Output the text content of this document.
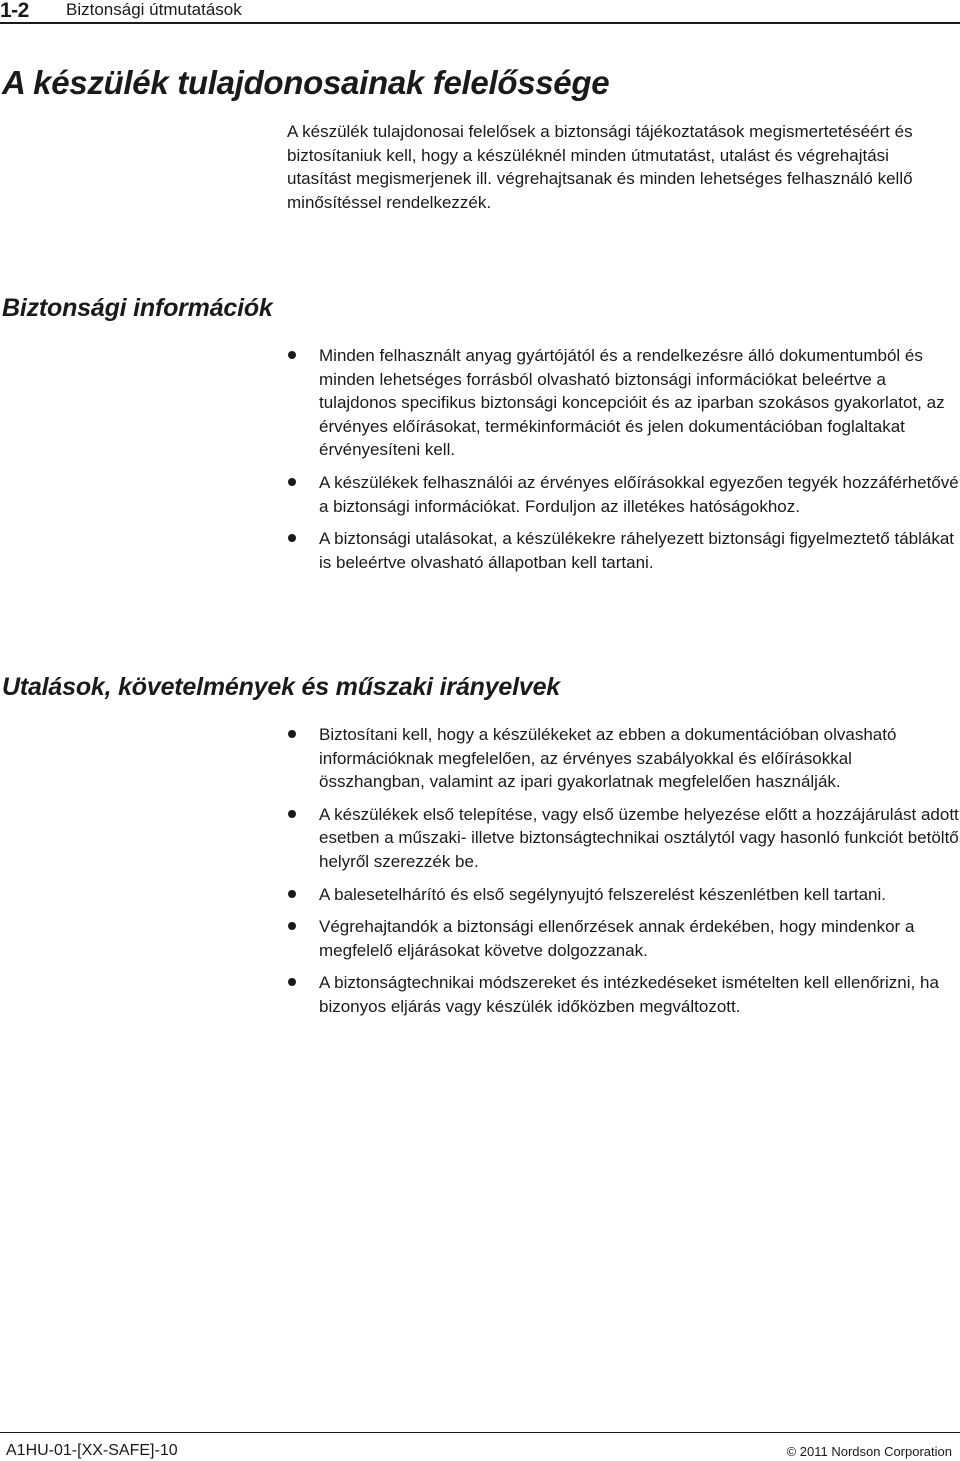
1-2 Biztonsági útmutatások
A készülék tulajdonosainak felelőssége

A készülék tulajdonosai felelősek a biztonsági tájékoztatások megismertetéséért és biztosítaniuk kell, hogy a készüléknél minden útmutatást, utalást és végrehajtási utasítást megismerjenek ill. végrehajtsanak és minden lehetséges felhasználó kellő minősítéssel rendelkezzék.

Biztonsági információk
Minden felhasznált anyag gyártójától és a rendelkezésre álló dokumentumból és minden lehetséges forrásból olvasható biztonsági információkat beleértve a tulajdonos specifikus biztonsági koncepcióit és az iparban szokásos gyakorlatot, az érvényes előírásokat, termékinformációt és jelen dokumentációban foglaltakat érvényesíteni kell.
A készülékek felhasználói az érvényes előírásokkal egyezően tegyék hozzáférhetővé a biztonsági információkat. Forduljon az illetékes hatóságokhoz.
A biztonsági utalásokat, a készülékekre ráhelyezett biztonsági figyelmeztető táblákat is beleértve olvasható állapotban kell tartani.
Utalások, követelmények és műszaki irányelvek
Biztosítani kell, hogy a készülékeket az ebben a dokumentációban olvasható információknak megfelelően, az érvényes szabályokkal és előírásokkal összhangban, valamint az ipari gyakorlatnak megfelelően használják.
A készülékek első telepítése, vagy első üzembe helyezése előtt a hozzájárulást adott esetben a műszaki- illetve biztonságtechnikai osztálytól vagy hasonló funkciót betöltő helyről szerezzék be.
A balesetelhárító és első segélynyujtó felszerelést készenlétben kell tartani.
Végrehajtandók a biztonsági ellenőrzések annak érdekében, hogy mindenkor a megfelelő eljárásokat követve dolgozzanak.
A biztonságtechnikai módszereket és intézkedéseket ismételten kell ellenőrizni, ha bizonyos eljárás vagy készülék időközben megváltozott.
A1HU-01-[XX-SAFE]-10	© 2011 Nordson Corporation
